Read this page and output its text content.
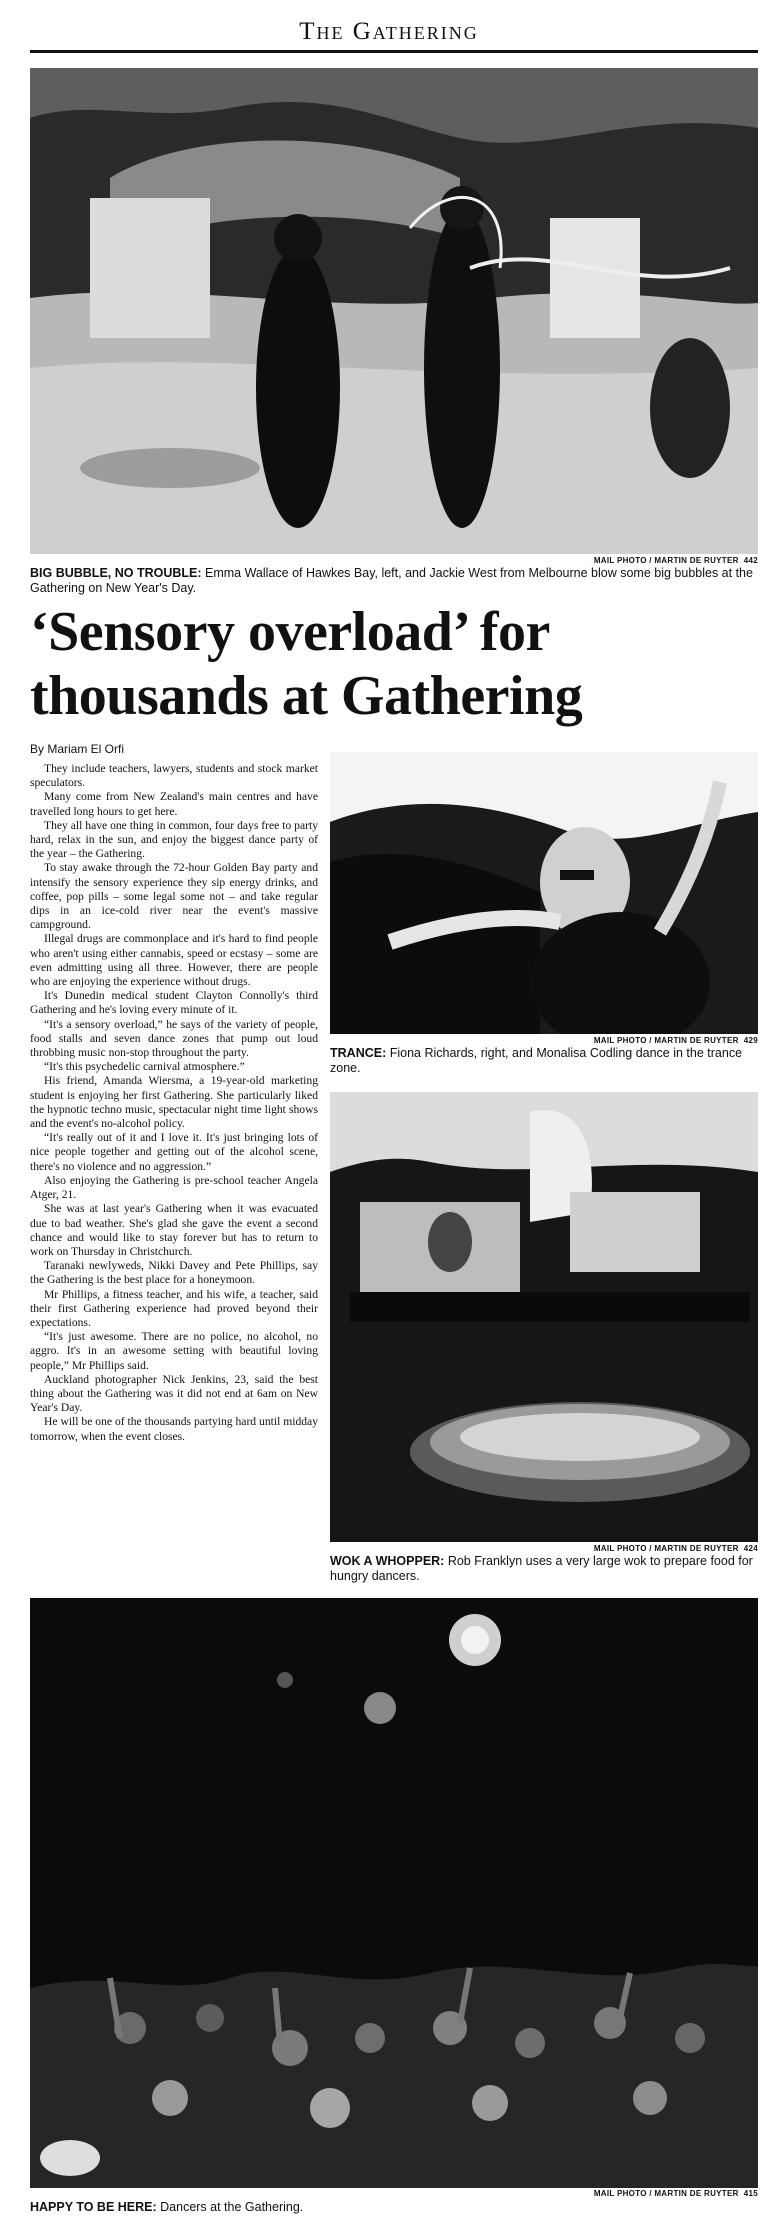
The Gathering
MAIL PHOTO / MARTIN DE RUYTER 442
BIG BUBBLE, NO TROUBLE: Emma Wallace of Hawkes Bay, left, and Jackie West from Melbourne blow some big bubbles at the Gathering on New Year's Day.
‘Sensory overload’ for
thousands at Gathering
By Mariam El Orfi

They include teachers, lawyers, students and stock market speculators.

Many come from New Zealand's main centres and have travelled long hours to get here.

They all have one thing in common, four days free to party hard, relax in the sun, and enjoy the biggest dance party of the year – the Gathering.

To stay awake through the 72-hour Golden Bay party and intensify the sensory experience they sip energy drinks, and coffee, pop pills – some legal some not – and take regular dips in an ice-cold river near the event's massive campground.

Illegal drugs are commonplace and it's hard to find people who aren't using either cannabis, speed or ecstasy – some are even admitting using all three. However, there are people who are enjoying the experience without drugs.

It's Dunedin medical student Clayton Connolly's third Gathering and he's loving every minute of it.

“It's a sensory overload,” he says of the variety of people, food stalls and seven dance zones that pump out loud throbbing music non-stop throughout the party.

“It's this psychedelic carnival atmosphere.”

His friend, Amanda Wiersma, a 19-year-old marketing student is enjoying her first Gathering. She particularly liked the hypnotic techno music, spectacular night time light shows and the event's no-alcohol policy.

“It's really out of it and I love it. It's just bringing lots of nice people together and getting out of the alcohol scene, there's no violence and no aggression.”

Also enjoying the Gathering is pre-school teacher Angela Atger, 21.

She was at last year's Gathering when it was evacuated due to bad weather. She's glad she gave the event a second chance and would like to stay forever but has to return to work on Thursday in Christchurch.

Taranaki newlyweds, Nikki Davey and Pete Phillips, say the Gathering is the best place for a honeymoon.

Mr Phillips, a fitness teacher, and his wife, a teacher, said their first Gathering experience had proved beyond their expectations.

“It's just awesome. There are no police, no alcohol, no aggro. It's in an awesome setting with beautiful loving people,” Mr Phillips said.

Auckland photographer Nick Jenkins, 23, said the best thing about the Gathering was it did not end at 6am on New Year's Day.

He will be one of the thousands partying hard until midday tomorrow, when the event closes.

MAIL PHOTO / MARTIN DE RUYTER 429
TRANCE: Fiona Richards, right, and Monalisa Codling dance in the trance zone.
MAIL PHOTO / MARTIN DE RUYTER 424
WOK A WHOPPER: Rob Franklyn uses a very large wok to prepare food for hungry dancers.
MAIL PHOTO / MARTIN DE RUYTER 415
HAPPY TO BE HERE: Dancers at the Gathering.
